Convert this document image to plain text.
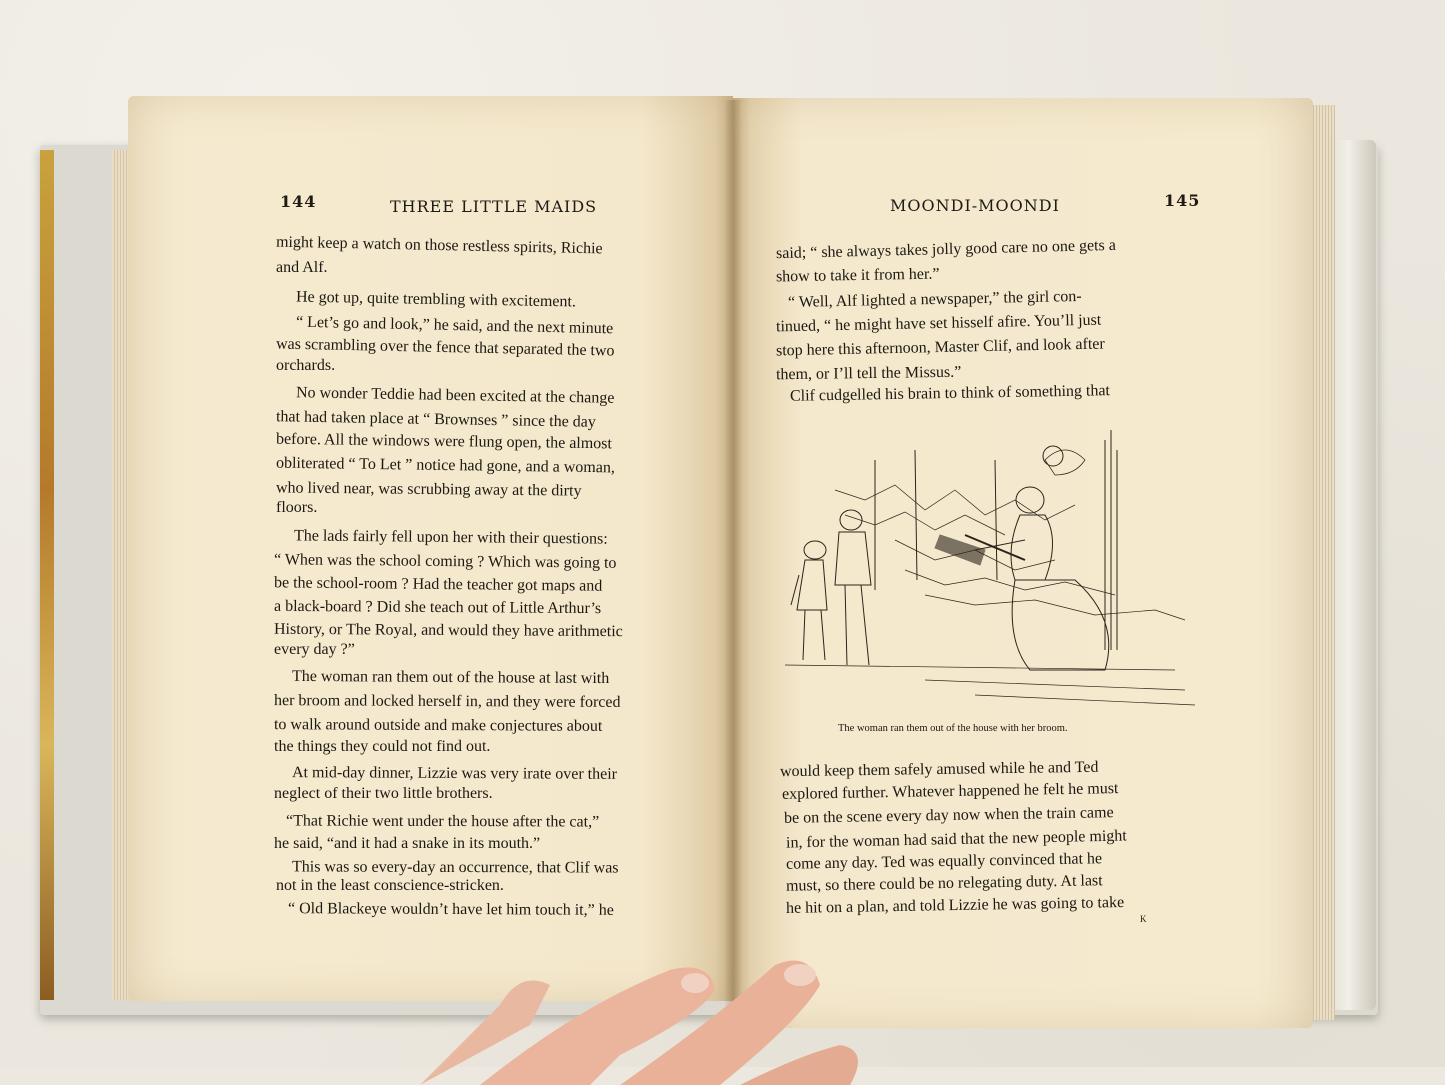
144	THREE LITTLE MAIDS
might keep a watch on those restless spirits, Richie
and Alf.
He got up, quite trembling with excitement.
“ Let’s go and look,” he said, and the next minute
was scrambling over the fence that separated the two
orchards.
No wonder Teddie had been excited at the change
that had taken place at “ Brownses ” since the day
before. All the windows were flung open, the almost
obliterated “ To Let ” notice had gone, and a woman,
who lived near, was scrubbing away at the dirty
floors.
The lads fairly fell upon her with their questions:
“ When was the school coming ? Which was going to
be the school-room ? Had the teacher got maps and
a black-board ? Did she teach out of Little Arthur’s
History, or The Royal, and would they have arithmetic
every day ?”
The woman ran them out of the house at last with
her broom and locked herself in, and they were forced
to walk around outside and make conjectures about
the things they could not find out.
At mid-day dinner, Lizzie was very irate over their
neglect of their two little brothers.
“That Richie went under the house after the cat,”
he said, “and it had a snake in its mouth.”
This was so every-day an occurrence, that Clif was
not in the least conscience-stricken.
“ Old Blackeye wouldn’t have let him touch it,” he
MOONDI-MOONDI	145
said; “ she always takes jolly good care no one gets a
show to take it from her.”
“ Well, Alf lighted a newspaper,” the girl con-
tinued, “ he might have set hisself afire. You’ll just
stop here this afternoon, Master Clif, and look after
them, or I’ll tell the Missus.”
Clif cudgelled his brain to think of something that
The woman ran them out of the house with her broom.
would keep them safely amused while he and Ted
explored further. Whatever happened he felt he must
be on the scene every day now when the train came
in, for the woman had said that the new people might
come any day. Ted was equally convinced that he
must, so there could be no relegating duty. At last
he hit on a plan, and told Lizzie he was going to take
K
